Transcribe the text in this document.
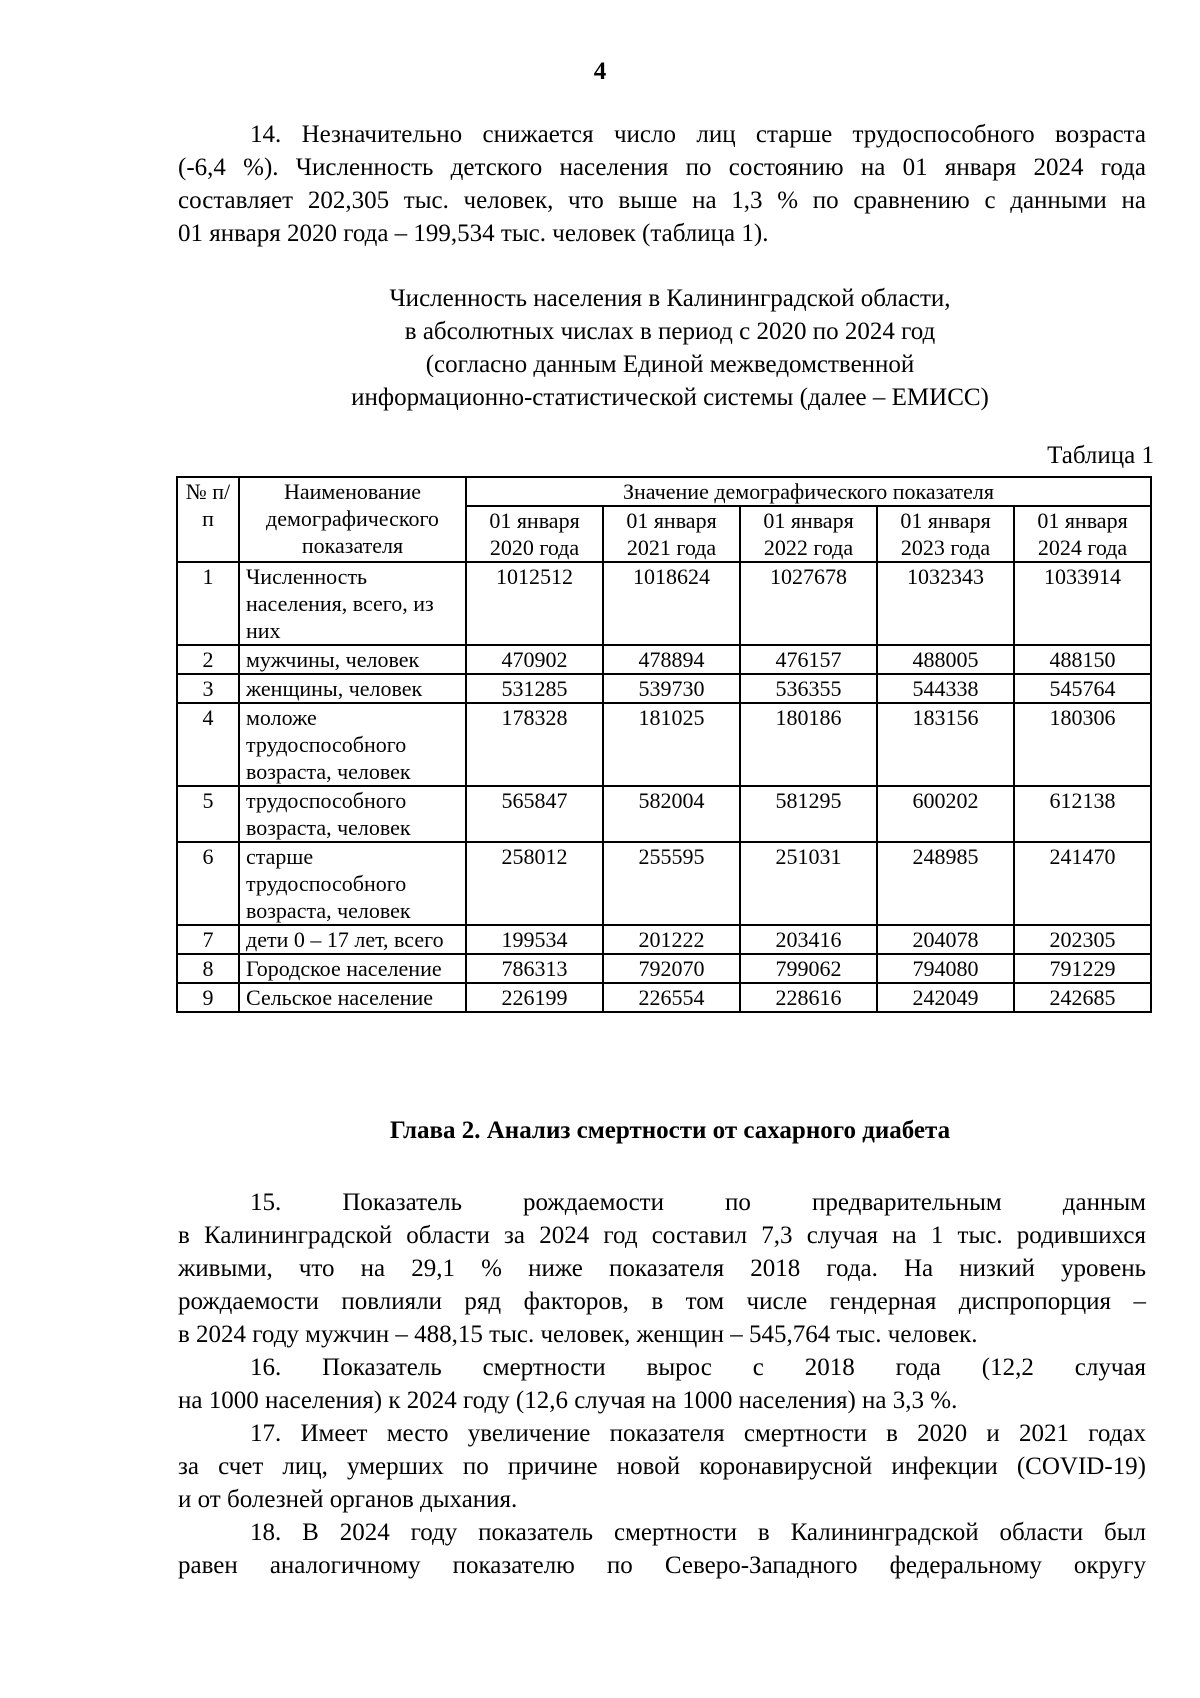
4
14. Незначительно снижается число лиц старше трудоспособного возраста
(-6,4 %). Численность детского населения по состоянию на 01 января 2024 года
составляет 202,305 тыс. человек, что выше на 1,3 % по сравнению с данными на
01 января 2020 года – 199,534 тыс. человек (таблица 1).
Численность населения в Калининградской области,
в абсолютных числах в период с 2020 по 2024 год
(согласно данным Единой межведомственной
информационно-статистической системы (далее – ЕМИСС)
Таблица 1
№ п/п	Наименование демографического показателя	Значение демографического показателя				
		01 января 2020 года	01 января 2021 года	01 января 2022 года	01 января 2023 года	01 января 2024 года
1	Численность населения, всего, из них	1012512	1018624	1027678	1032343	1033914
2	мужчины, человек	470902	478894	476157	488005	488150
3	женщины, человек	531285	539730	536355	544338	545764
4	моложе трудоспособного возраста, человек	178328	181025	180186	183156	180306
5	трудоспособного возраста, человек	565847	582004	581295	600202	612138
6	старше трудоспособного возраста, человек	258012	255595	251031	248985	241470
7	дети 0 – 17 лет, всего	199534	201222	203416	204078	202305
8	Городское население	786313	792070	799062	794080	791229
9	Сельское население	226199	226554	228616	242049	242685
Глава 2. Анализ смертности от сахарного диабета
15. Показатель рождаемости по предварительным данным
в Калининградской области за 2024 год составил 7,3 случая на 1 тыс. родившихся
живыми, что на 29,1 % ниже показателя 2018 года. На низкий уровень
рождаемости повлияли ряд факторов, в том числе гендерная диспропорция –
в 2024 году мужчин – 488,15 тыс. человек, женщин – 545,764 тыс. человек.
16. Показатель смертности вырос с 2018 года (12,2 случая
на 1000 населения) к 2024 году (12,6 случая на 1000 населения) на 3,3 %.
17. Имеет место увеличение показателя смертности в 2020 и 2021 годах
за счет лиц, умерших по причине новой коронавирусной инфекции (COVID-19)
и от болезней органов дыхания.
18. В 2024 году показатель смертности в Калининградской области был
равен аналогичному показателю по Северо-Западного федеральному округу
